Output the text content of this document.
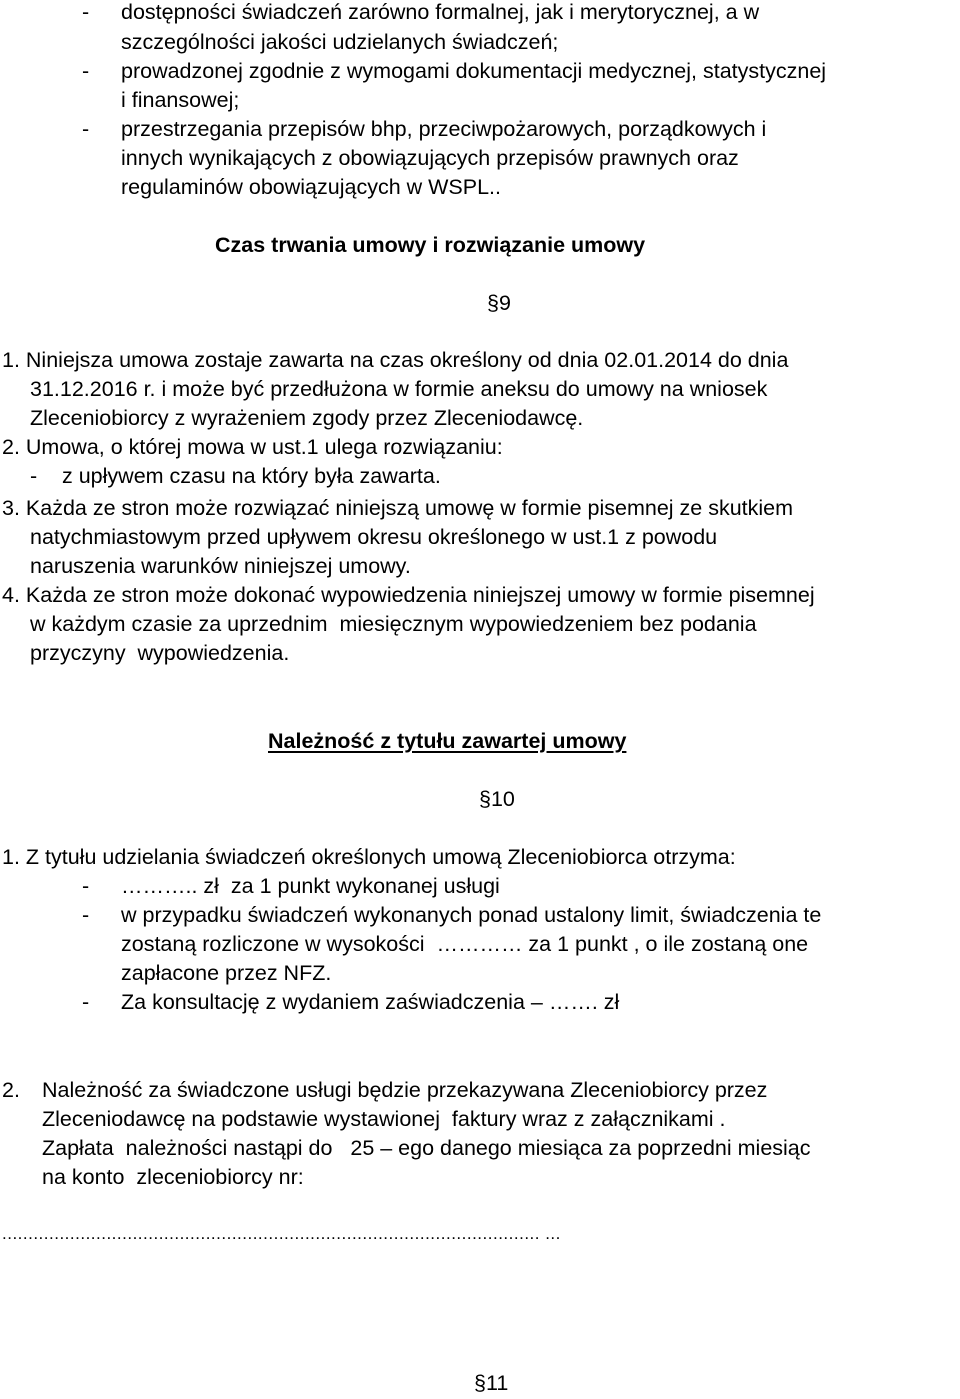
- dostępności świadczeń zarówno formalnej, jak i merytorycznej, a w
szczególności jakości udzielanych świadczeń;
- prowadzonej zgodnie z wymogami dokumentacji medycznej, statystycznej
i finansowej;
- przestrzegania przepisów bhp, przeciwpożarowych, porządkowych i
innych wynikających z obowiązujących przepisów prawnych oraz
regulaminów obowiązujących w WSPL..
Czas trwania umowy i rozwiązanie umowy
§9
1. Niniejsza umowa zostaje zawarta na czas określony od dnia 02.01.2014 do dnia
31.12.2016 r. i może być przedłużona w formie aneksu do umowy na wniosek
Zleceniobiorcy z wyrażeniem zgody przez Zleceniodawcę.
2. Umowa, o której mowa w ust.1 ulega rozwiązaniu:
- z upływem czasu na który była zawarta.
3. Każda ze stron może rozwiązać niniejszą umowę w formie pisemnej ze skutkiem
natychmiastowym przed upływem okresu określonego w ust.1 z powodu
naruszenia warunków niniejszej umowy.
4. Każda ze stron może dokonać wypowiedzenia niniejszej umowy w formie pisemnej
w każdym czasie za uprzednim  miesięcznym wypowiedzeniem bez podania
przyczyny  wypowiedzenia.
Należność z tytułu zawartej umowy
§10
1. Z tytułu udzielania świadczeń określonych umową Zleceniobiorca otrzyma:
- ……….. zł  za 1 punkt wykonanej usługi
- w przypadku świadczeń wykonanych ponad ustalony limit, świadczenia te
zostaną rozliczone w wysokości  ………… za 1 punkt , o ile zostaną one
zapłacone przez NFZ.
- Za konsultację z wydaniem zaświadczenia – ……. zł
2. Należność za świadczone usługi będzie przekazywana Zleceniobiorcy przez
Zleceniodawcę na podstawie wystawionej  faktury wraz z załącznikami .
Zapłata  należności nastąpi do   25 – ego danego miesiąca za poprzedni miesiąc
na konto  zleceniobiorcy nr:
....................................................................................................... ...
§11
